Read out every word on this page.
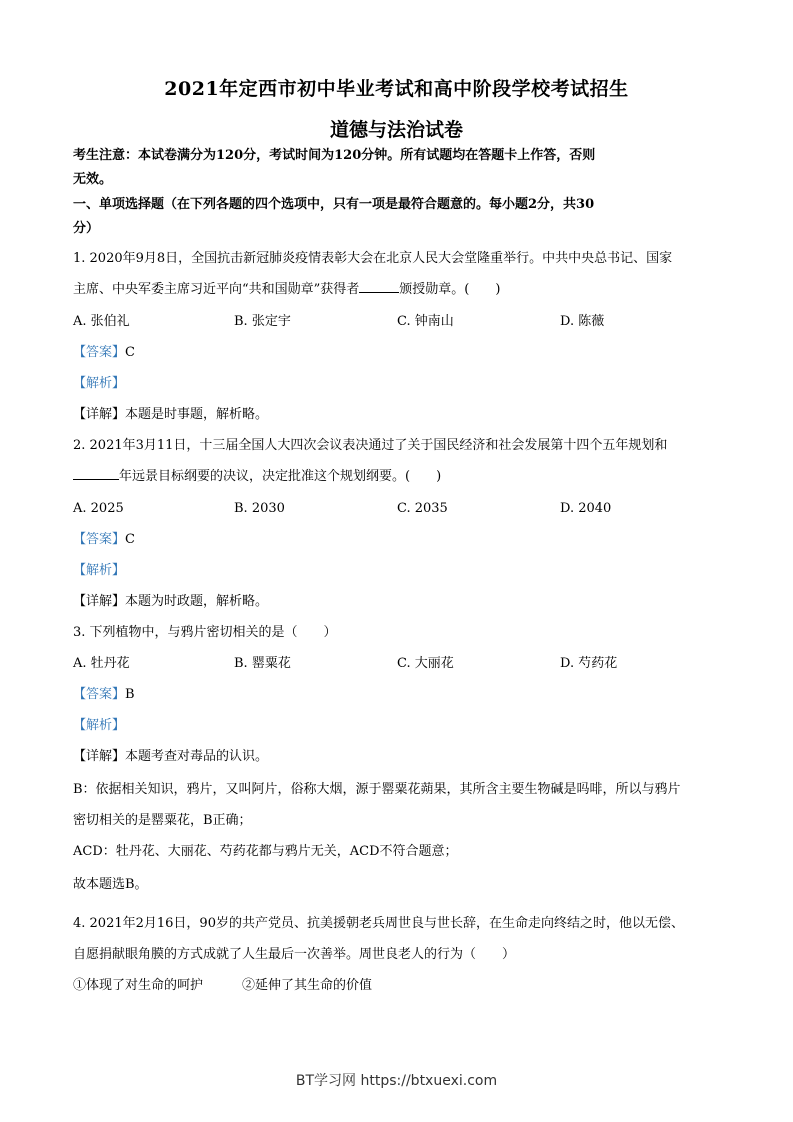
2021年定西市初中毕业考试和高中阶段学校考试招生
道德与法治试卷
考生注意：本试卷满分为120分，考试时间为120分钟。所有试题均在答题卡上作答，否则
无效。
一、单项选择题（在下列各题的四个选项中，只有一项是最符合题意的。每小题2分，共30
分）
1. 2020年9月8日，全国抗击新冠肺炎疫情表彰大会在北京人民大会堂隆重举行。中共中央总书记、国家
主席、中央军委主席习近平向“共和国勋章”获得者	颁授勋章。(　　)
A. 张伯礼	B. 张定宇	C. 钟南山	D. 陈薇
【答案】C
【解析】
【详解】本题是时事题，解析略。
2. 2021年3月11日，十三届全国人大四次会议表决通过了关于国民经济和社会发展第十四个五年规划和
年远景目标纲要的决议，决定批准这个规划纲要。(　　)
A. 2025	B. 2030	C. 2035	D. 2040
【答案】C
【解析】
【详解】本题为时政题，解析略。
3. 下列植物中，与鸦片密切相关的是（　　）
A. 牡丹花	B. 罂粟花	C. 大丽花	D. 芍药花
【答案】B
【解析】
【详解】本题考查对毒品的认识。
B：依据相关知识，鸦片，又叫阿片，俗称大烟，源于罂粟花蒴果，其所含主要生物碱是吗啡，所以与鸦片
密切相关的是罂粟花，B正确；
ACD：牡丹花、大丽花、芍药花都与鸦片无关，ACD不符合题意；
故本题选B。
4. 2021年2月16日，90岁的共产党员、抗美援朝老兵周世良与世长辞，在生命走向终结之时，他以无偿、
自愿捐献眼角膜的方式成就了人生最后一次善举。周世良老人的行为（　　）
①体现了对生命的呵护　　　②延伸了其生命的价值
BT学习网 https://btxuexi.com
